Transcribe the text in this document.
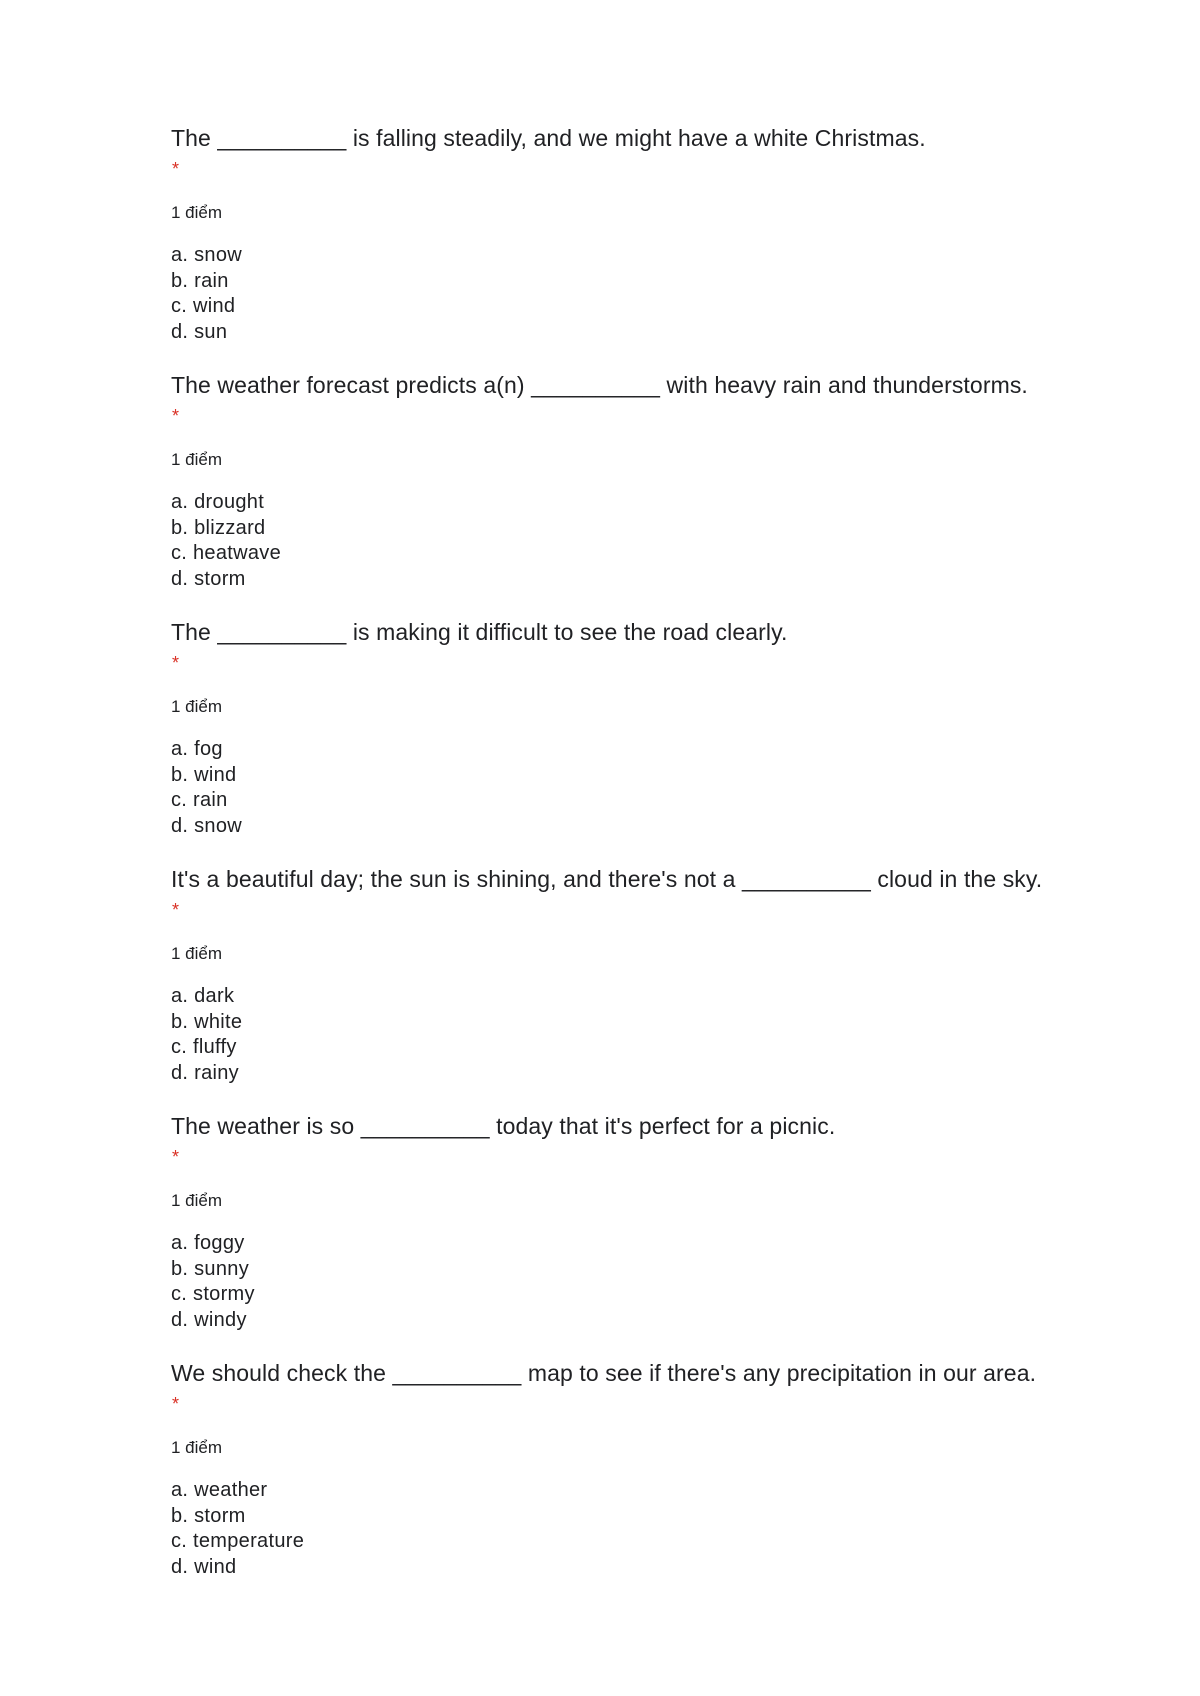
The __________ is falling steadily, and we might have a white Christmas.
*
1 điểm
a. snow
b. rain
c. wind
d. sun
The weather forecast predicts a(n) __________ with heavy rain and thunderstorms.
*
1 điểm
a. drought
b. blizzard
c. heatwave
d. storm
The __________ is making it difficult to see the road clearly.
*
1 điểm
a. fog
b. wind
c. rain
d. snow
It's a beautiful day; the sun is shining, and there's not a __________ cloud in the sky.
*
1 điểm
a. dark
b. white
c. fluffy
d. rainy
The weather is so __________ today that it's perfect for a picnic.
*
1 điểm
a. foggy
b. sunny
c. stormy
d. windy
We should check the __________ map to see if there's any precipitation in our area.
*
1 điểm
a. weather
b. storm
c. temperature
d. wind
